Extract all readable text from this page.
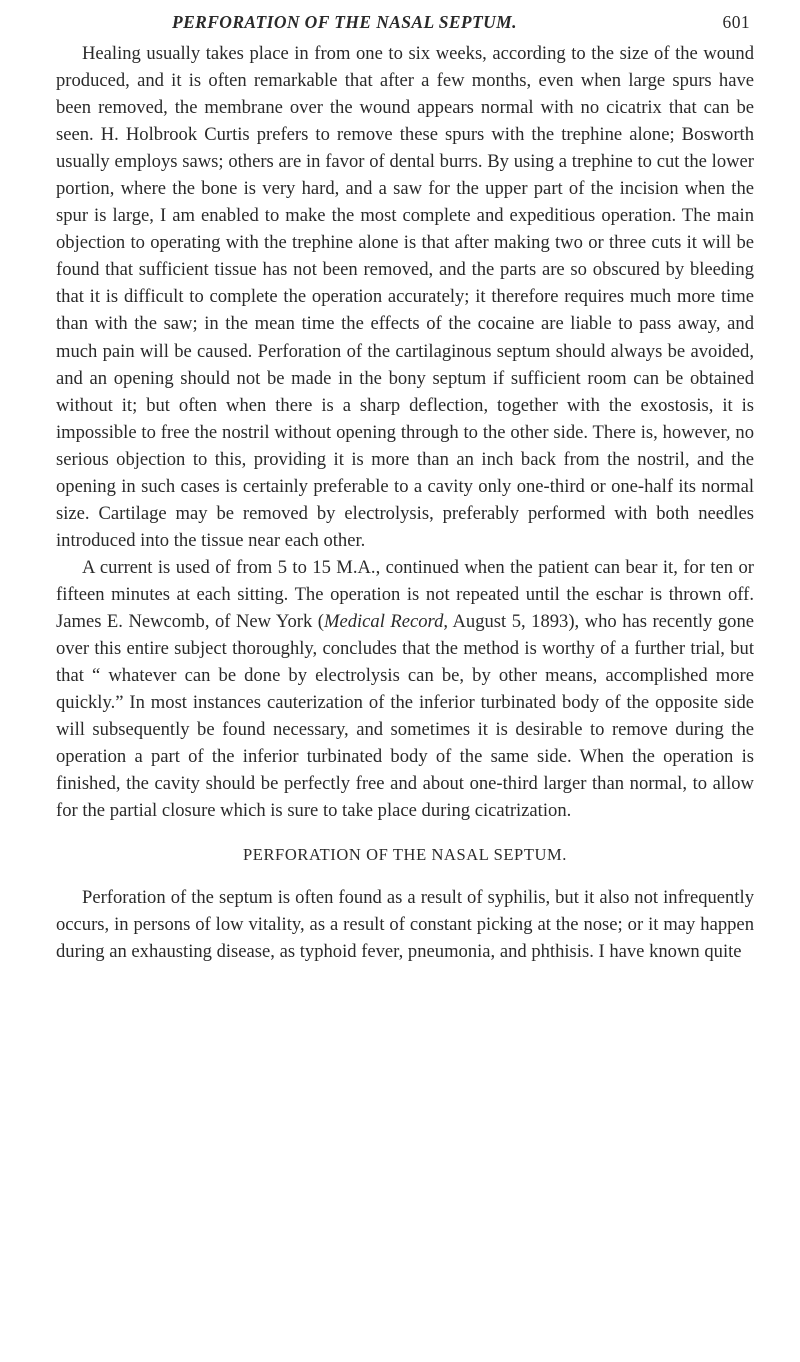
PERFORATION OF THE NASAL SEPTUM.	601

Healing usually takes place in from one to six weeks, according to the size of the wound produced, and it is often remarkable that after a few months, even when large spurs have been removed, the membrane over the wound appears normal with no cicatrix that can be seen. H. Holbrook Curtis prefers to remove these spurs with the trephine alone; Bosworth usually employs saws; others are in favor of dental burrs. By using a trephine to cut the lower portion, where the bone is very hard, and a saw for the upper part of the incision when the spur is large, I am enabled to make the most complete and expeditious operation. The main objection to operating with the trephine alone is that after making two or three cuts it will be found that sufficient tissue has not been removed, and the parts are so obscured by bleeding that it is difficult to complete the operation accurately; it therefore requires much more time than with the saw; in the mean time the effects of the cocaine are liable to pass away, and much pain will be caused. Perforation of the cartilaginous septum should always be avoided, and an opening should not be made in the bony septum if sufficient room can be obtained without it; but often when there is a sharp deflection, together with the exostosis, it is impossible to free the nostril without opening through to the other side. There is, however, no serious objection to this, providing it is more than an inch back from the nostril, and the opening in such cases is certainly preferable to a cavity only one-third or one-half its normal size. Cartilage may be removed by electrolysis, preferably performed with both needles introduced into the tissue near each other.

A current is used of from 5 to 15 M.A., continued when the patient can bear it, for ten or fifteen minutes at each sitting. The operation is not repeated until the eschar is thrown off. James E. Newcomb, of New York (Medical Record, August 5, 1893), who has recently gone over this entire subject thoroughly, concludes that the method is worthy of a further trial, but that “ whatever can be done by electrolysis can be, by other means, accomplished more quickly.” In most instances cauterization of the inferior turbinated body of the opposite side will subsequently be found necessary, and sometimes it is desirable to remove during the operation a part of the inferior turbinated body of the same side. When the operation is finished, the cavity should be perfectly free and about one-third larger than normal, to allow for the partial closure which is sure to take place during cicatrization.

PERFORATION OF THE NASAL SEPTUM.

Perforation of the septum is often found as a result of syphilis, but it also not infrequently occurs, in persons of low vitality, as a result of constant picking at the nose; or it may happen during an exhausting disease, as typhoid fever, pneumonia, and phthisis. I have known quite
